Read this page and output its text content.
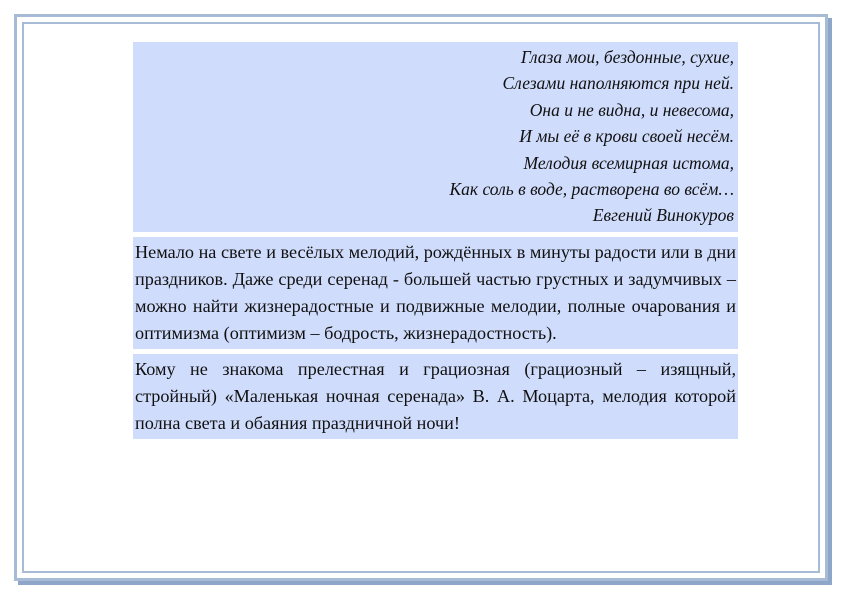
Глаза мои, бездонные, сухие,
Слезами наполняются при ней.
Она и не видна, и невесома,
И мы её в крови своей несём.
Мелодия всемирная истома,
Как соль в воде, растворена во всём…
Евгений Винокуров
Немало на свете и весёлых мелодий, рождённых в минуты радости или в дни праздников. Даже среди серенад - большей частью грустных и задумчивых – можно найти жизнерадостные и подвижные мелодии, полные очарования и оптимизма (оптимизм – бодрость, жизнерадостность).
Кому не знакома прелестная и грациозная (грациозный – изящный, стройный) «Маленькая ночная серенада» В. А. Моцарта, мелодия которой полна света и обаяния праздничной ночи!
